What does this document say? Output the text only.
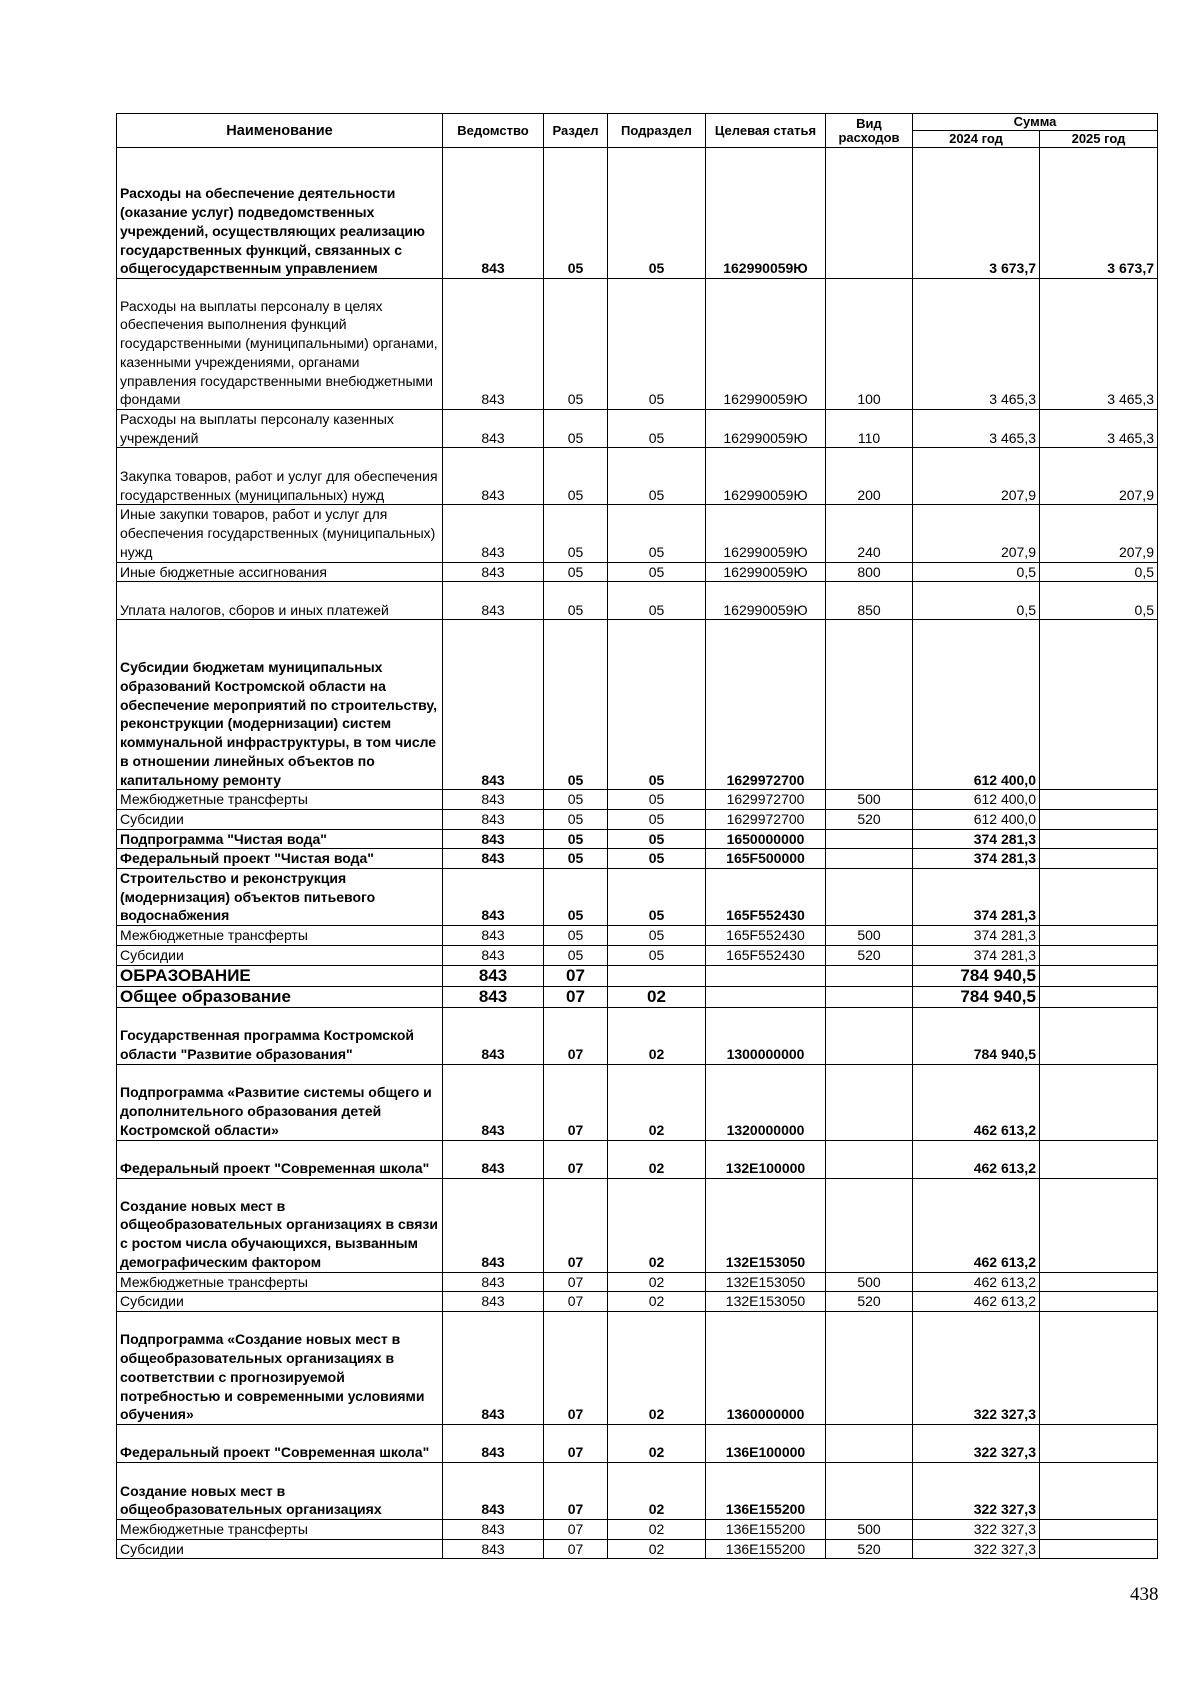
Наименование	Ведомство	Раздел	Подраздел	Целевая статья	Вид расходов	Сумма	
						2024 год	2025 год
Расходы на обеспечение деятельности (оказание услуг) подведомственных учреждений, осуществляющих реализацию государственных функций, связанных с общегосударственным управлением	843	05	05	162990059Ю		3 673,7	3 673,7
Расходы на выплаты персоналу в целях обеспечения выполнения функций государственными (муниципальными) органами, казенными учреждениями, органами управления государственными внебюджетными фондами	843	05	05	162990059Ю	100	3 465,3	3 465,3
Расходы на выплаты персоналу казенных учреждений	843	05	05	162990059Ю	110	3 465,3	3 465,3
Закупка товаров, работ и услуг для обеспечения государственных (муниципальных) нужд	843	05	05	162990059Ю	200	207,9	207,9
Иные закупки товаров, работ и услуг для обеспечения государственных (муниципальных) нужд	843	05	05	162990059Ю	240	207,9	207,9
Иные бюджетные ассигнования	843	05	05	162990059Ю	800	0,5	0,5
Уплата налогов, сборов и иных платежей	843	05	05	162990059Ю	850	0,5	0,5
Субсидии бюджетам муниципальных образований Костромской области на обеспечение мероприятий по строительству, реконструкции (модернизации) систем коммунальной инфраструктуры, в том числе в отношении линейных объектов по капитальному ремонту	843	05	05	1629972700		612 400,0	
Межбюджетные трансферты	843	05	05	1629972700	500	612 400,0	
Субсидии	843	05	05	1629972700	520	612 400,0	
Подпрограмма "Чистая вода"	843	05	05	1650000000		374 281,3	
Федеральный проект "Чистая вода"	843	05	05	165F500000		374 281,3	
Строительство и реконструкция (модернизация) объектов питьевого водоснабжения	843	05	05	165F552430		374 281,3	
Межбюджетные трансферты	843	05	05	165F552430	500	374 281,3	
Субсидии	843	05	05	165F552430	520	374 281,3	
ОБРАЗОВАНИЕ	843	07				784 940,5	
Общее образование	843	07	02			784 940,5	
Государственная программа Костромской области "Развитие образования"	843	07	02	1300000000		784 940,5	
Подпрограмма «Развитие системы общего и дополнительного образования детей Костромской области»	843	07	02	1320000000		462 613,2	
Федеральный проект "Современная школа"	843	07	02	132E100000		462 613,2	
Создание новых мест в общеобразовательных организациях в связи с ростом числа обучающихся, вызванным демографическим фактором	843	07	02	132E153050		462 613,2	
Межбюджетные трансферты	843	07	02	132E153050	500	462 613,2	
Субсидии	843	07	02	132E153050	520	462 613,2	
Подпрограмма «Создание новых мест в общеобразовательных организациях в соответствии с прогнозируемой потребностью и современными условиями обучения»	843	07	02	1360000000		322 327,3	
Федеральный проект "Современная школа"	843	07	02	136E100000		322 327,3	
Создание новых мест в общеобразовательных организациях	843	07	02	136E155200		322 327,3	
Межбюджетные трансферты	843	07	02	136E155200	500	322 327,3	
Субсидии	843	07	02	136E155200	520	322 327,3	
438
